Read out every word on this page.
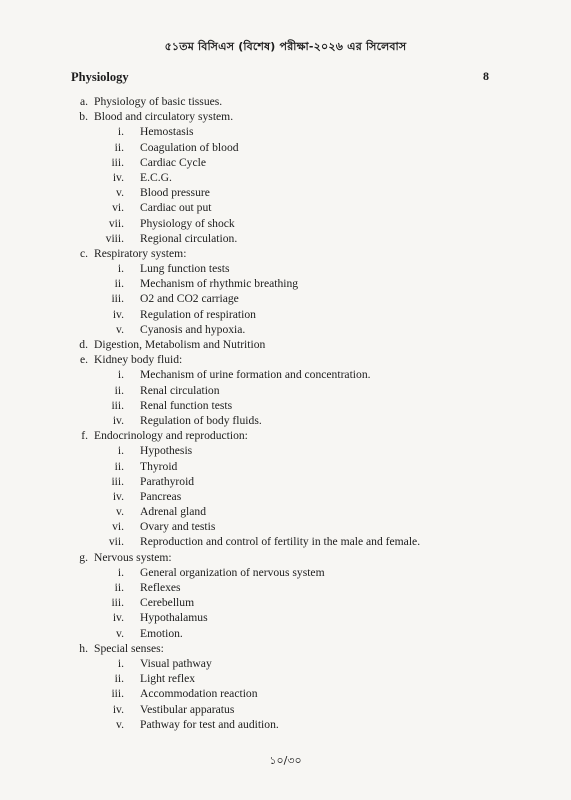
৫১তম বিসিএস (বিশেষ) পরীক্ষা-২০২৬ এর সিলেবাস
Physiology	8
a. Physiology of basic tissues.
b. Blood and circulatory system.
i. Hemostasis
ii. Coagulation of blood
iii. Cardiac Cycle
iv. E.C.G.
v. Blood pressure
vi. Cardiac out put
vii. Physiology of shock
viii. Regional circulation.
c. Respiratory system:
i. Lung function tests
ii. Mechanism of rhythmic breathing
iii. O2 and CO2 carriage
iv. Regulation of respiration
v. Cyanosis and hypoxia.
d. Digestion, Metabolism and Nutrition
e. Kidney body fluid:
i. Mechanism of urine formation and concentration.
ii. Renal circulation
iii. Renal function tests
iv. Regulation of body fluids.
f. Endocrinology and reproduction:
i. Hypothesis
ii. Thyroid
iii. Parathyroid
iv. Pancreas
v. Adrenal gland
vi. Ovary and testis
vii. Reproduction and control of fertility in the male and female.
g. Nervous system:
i. General organization of nervous system
ii. Reflexes
iii. Cerebellum
iv. Hypothalamus
v. Emotion.
h. Special senses:
i. Visual pathway
ii. Light reflex
iii. Accommodation reaction
iv. Vestibular apparatus
v. Pathway for test and audition.
১০/৩০
